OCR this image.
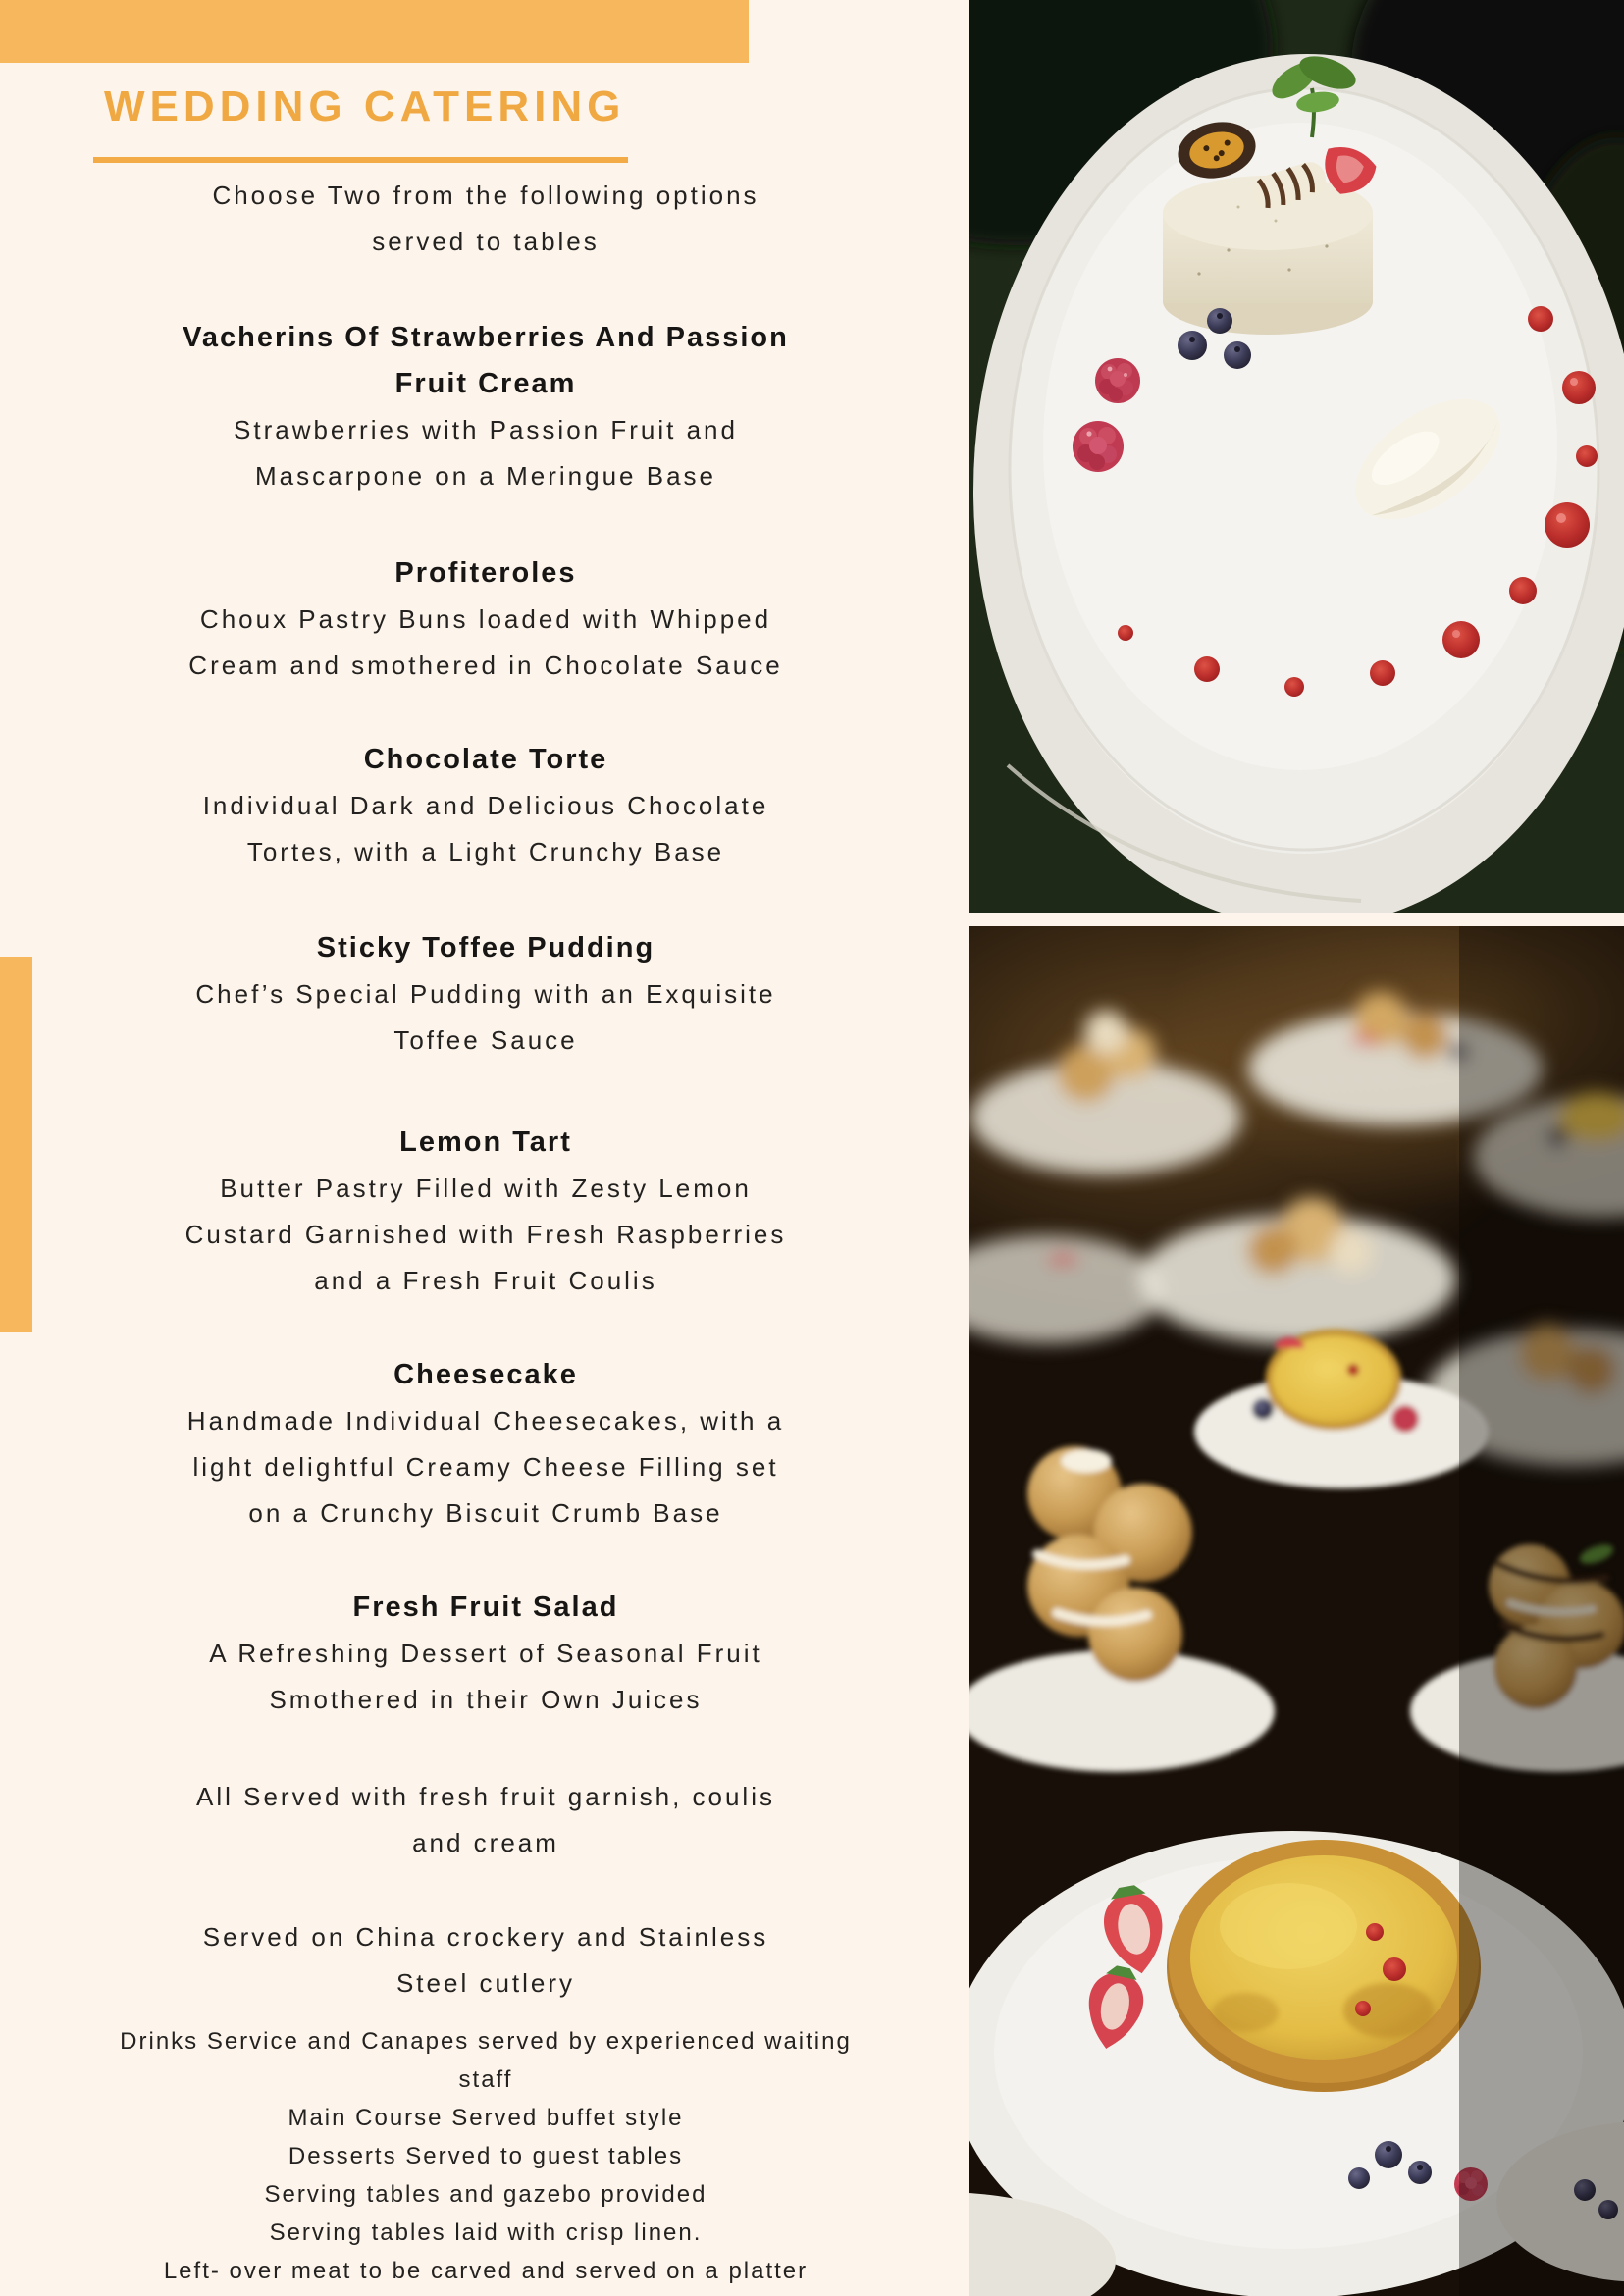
WEDDING CATERING
Choose Two from the following options
served to tables
Vacherins Of Strawberries And Passion
Fruit Cream
Strawberries with Passion Fruit and
Mascarpone on a Meringue Base
Profiteroles
Choux Pastry Buns loaded with Whipped
Cream and smothered in Chocolate Sauce
Chocolate Torte
Individual Dark and Delicious Chocolate
Tortes, with a Light Crunchy Base
Sticky Toffee Pudding
Chef’s Special Pudding with an Exquisite
Toffee Sauce
Lemon Tart
Butter Pastry Filled with Zesty Lemon
Custard Garnished with Fresh Raspberries
and a Fresh Fruit Coulis
Cheesecake
Handmade Individual Cheesecakes, with a
light delightful Creamy Cheese Filling set
on a Crunchy Biscuit Crumb Base
Fresh Fruit Salad
A Refreshing Dessert of Seasonal Fruit
Smothered in their Own Juices
All Served with fresh fruit garnish, coulis
and cream
Served on China crockery and Stainless
Steel cutlery
Drinks Service and Canapes served by experienced waiting
staff
Main Course Served buffet style
Desserts Served to guest tables
Serving tables and gazebo provided
Serving tables laid with crisp linen.
Left- over meat to be carved and served on a platter
